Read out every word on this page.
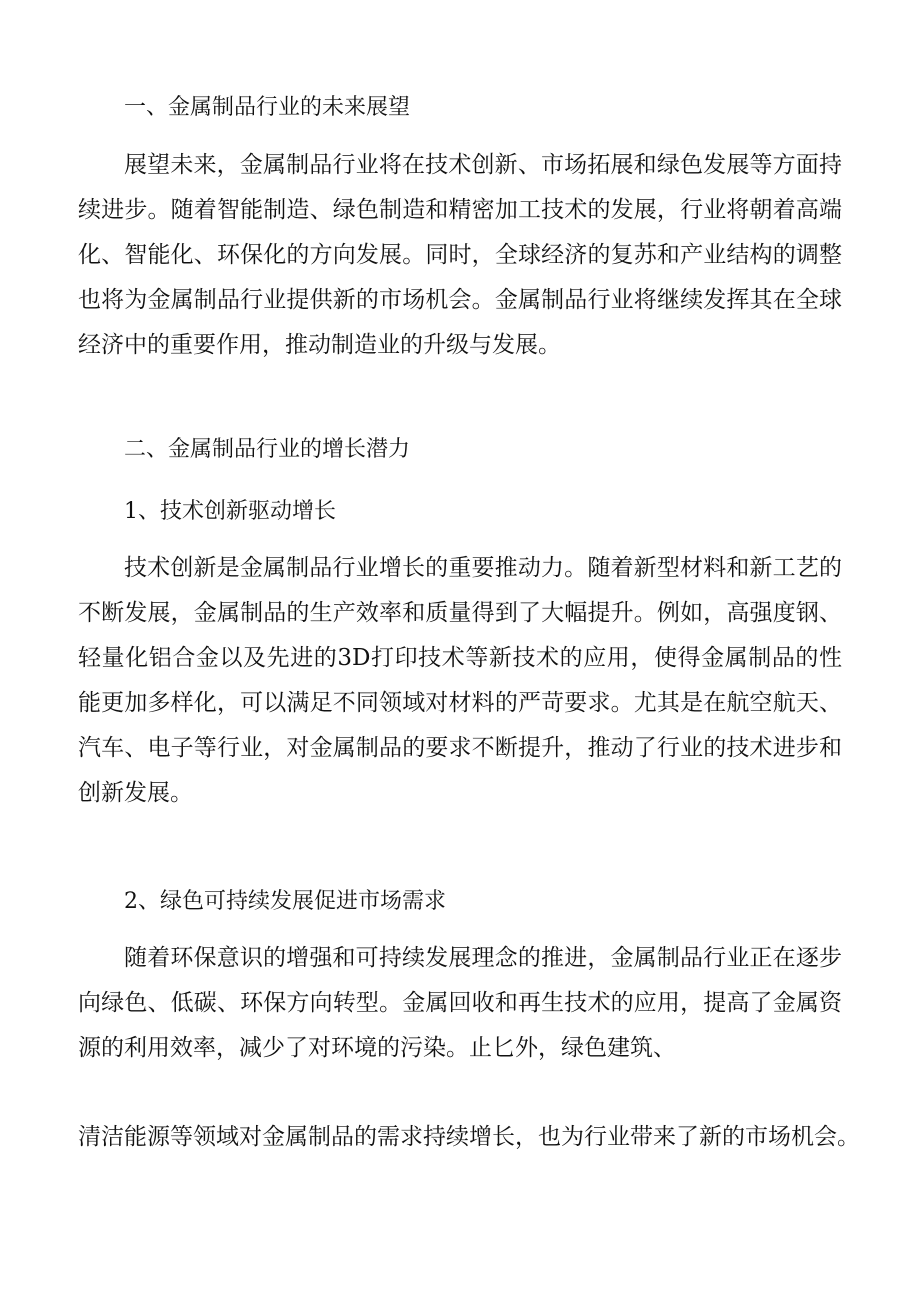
一、金属制品行业的未来展望
展望未来，金属制品行业将在技术创新、市场拓展和绿色发展等方面持续进步。随着智能制造、绿色制造和精密加工技术的发展，行业将朝着高端化、智能化、环保化的方向发展。同时，全球经济的复苏和产业结构的调整也将为金属制品行业提供新的市场机会。金属制品行业将继续发挥其在全球经济中的重要作用，推动制造业的升级与发展。
二、金属制品行业的增长潜力
1、技术创新驱动增长
技术创新是金属制品行业增长的重要推动力。随着新型材料和新工艺的不断发展，金属制品的生产效率和质量得到了大幅提升。例如，高强度钢、轻量化铝合金以及先进的3D打印技术等新技术的应用，使得金属制品的性能更加多样化，可以满足不同领域对材料的严苛要求。尤其是在航空航天、汽车、电子等行业，对金属制品的要求不断提升，推动了行业的技术进步和创新发展。
2、绿色可持续发展促进市场需求
随着环保意识的增强和可持续发展理念的推进，金属制品行业正在逐步向绿色、低碳、环保方向转型。金属回收和再生技术的应用，提高了金属资源的利用效率，减少了对环境的污染。止匕外，绿色建筑、
清洁能源等领域对金属制品的需求持续增长，也为行业带来了新的市场机会。
